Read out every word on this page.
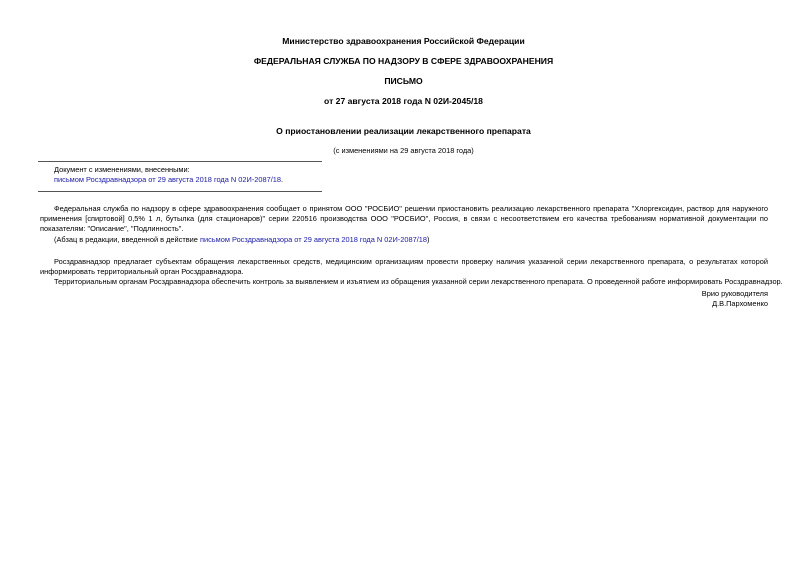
Министерство здравоохранения Российской Федерации
ФЕДЕРАЛЬНАЯ СЛУЖБА ПО НАДЗОРУ В СФЕРЕ ЗДРАВООХРАНЕНИЯ
ПИСЬМО
от 27 августа 2018 года N 02И-2045/18
О приостановлении реализации лекарственного препарата
(с изменениями на 29 августа 2018 года)
Документ с изменениями, внесенными:
письмом Росздравнадзора от 29 августа 2018 года N 02И-2087/18.
Федеральная служба по надзору в сфере здравоохранения сообщает о принятом ООО "РОСБИО" решении приостановить реализацию лекарственного препарата "Хлоргексидин, раствор для наружного применения [спиртовой] 0,5% 1 л, бутылка (для стационаров)" серии 220516 производства ООО "РОСБИО", Россия, в связи с несоответствием его качества требованиям нормативной документации по показателям: "Описание", "Подлинность".
(Абзац в редакции, введенной в действие письмом Росздравнадзора от 29 августа 2018 года N 02И-2087/18)
Росздравнадзор предлагает субъектам обращения лекарственных средств, медицинским организациям провести проверку наличия указанной серии лекарственного препарата, о результатах которой информировать территориальный орган Росздравнадзора.
Территориальным органам Росздравнадзора обеспечить контроль за выявлением и изъятием из обращения указанной серии лекарственного препарата. О проведенной работе информировать Росздравнадзор.
Врио руководителя
Д.В.Пархоменко
